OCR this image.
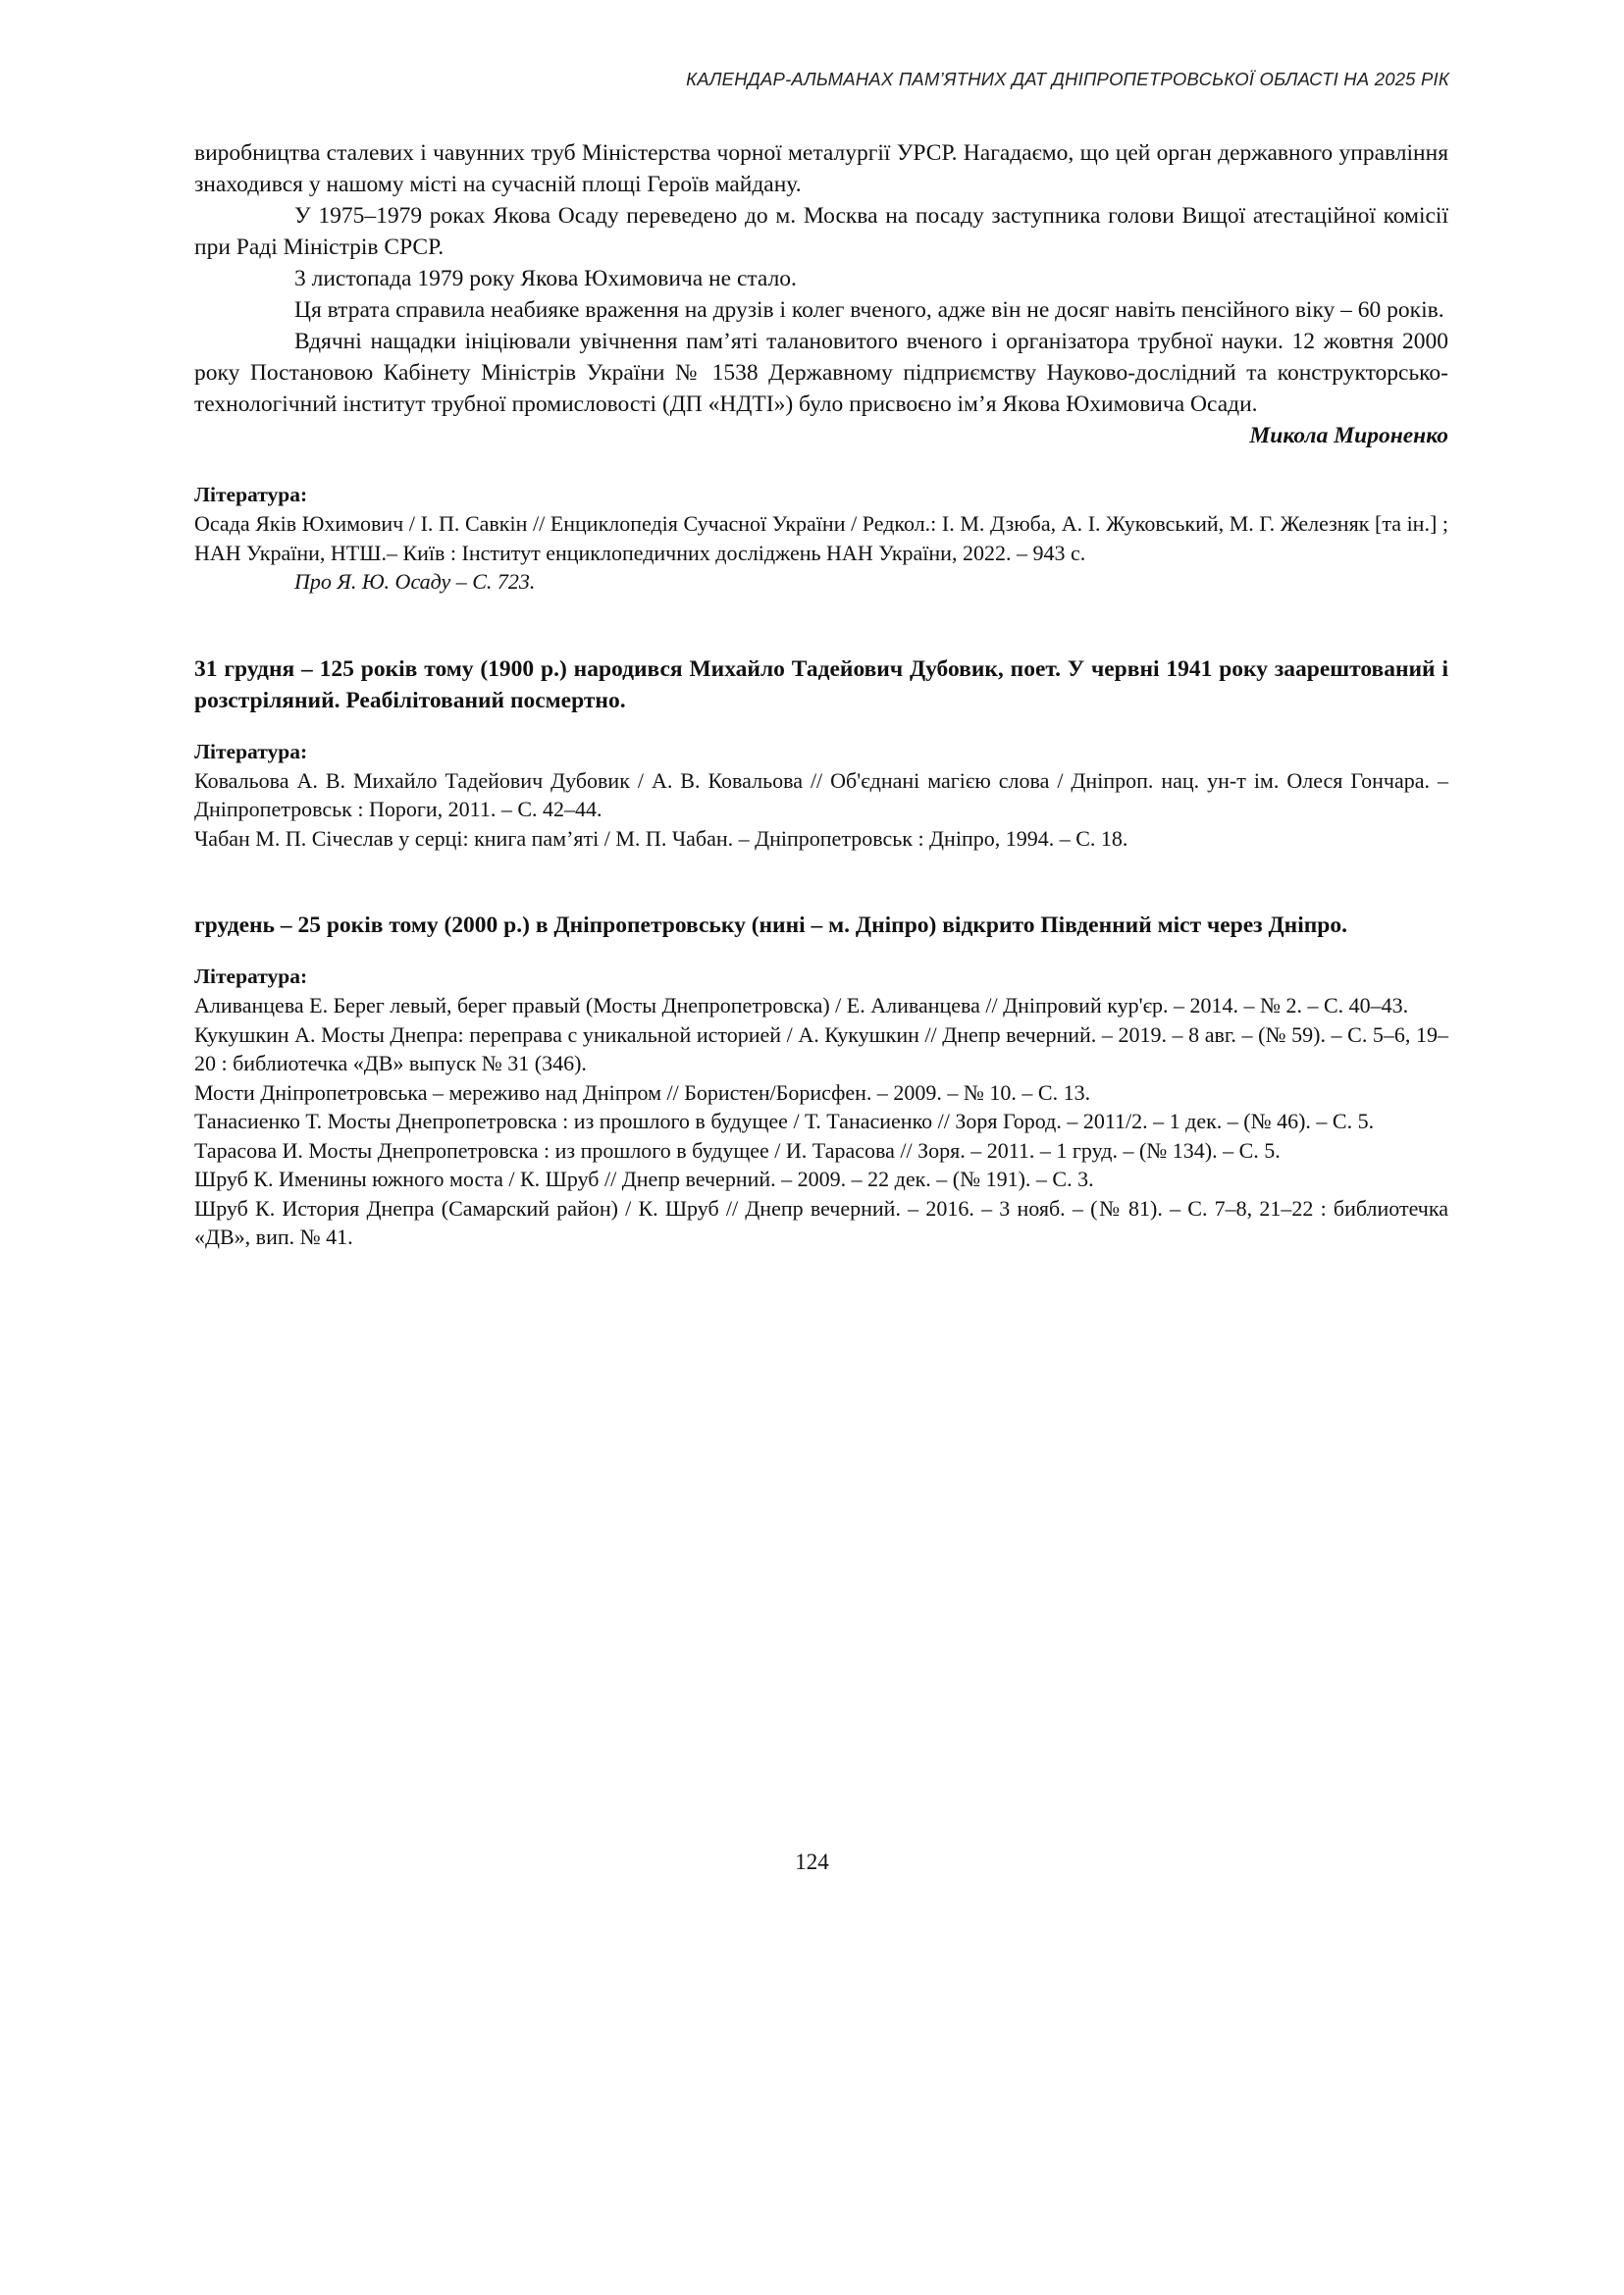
КАЛЕНДАР-АЛЬМАНАХ ПАМ’ЯТНИХ ДАТ ДНІПРОПЕТРОВСЬКОЇ ОБЛАСТІ НА 2025 РІК

виробництва сталевих і чавунних труб Міністерства чорної металургії УРСР. Нагадаємо, що цей орган державного управління знаходився у нашому місті на сучасній площі Героїв майдану.

У 1975–1979 роках Якова Осаду переведено до м. Москва на посаду заступника голови Вищої атестаційної комісії при Раді Міністрів СРСР.

3 листопада 1979 року Якова Юхимовича не стало.

Ця втрата справила неабияке враження на друзів і колег вченого, адже він не досяг навіть пенсійного віку – 60 років.

Вдячні нащадки ініціювали увічнення пам’яті талановитого вченого і організатора трубної науки. 12 жовтня 2000 року Постановою Кабінету Міністрів України № 1538 Державному підприємству Науково-дослідний та конструкторсько-технологічний інститут трубної промисловості (ДП «НДТІ») було присвоєно ім’я Якова Юхимовича Осади.

Микола Мироненко

Література:

Осада Яків Юхимович / І. П. Савкін // Енциклопедія Сучасної України / Редкол.: І. М. Дзюба, А. І. Жуковський, М. Г. Железняк [та ін.] ; НАН України, НТШ.– Київ : Інститут енциклопедичних досліджень НАН України, 2022. – 943 с.

Про Я. Ю. Осаду – С. 723.

31 грудня – 125 років тому (1900 р.) народився Михайло Тадейович Дубовик, поет. У червні 1941 року заарештований і розстріляний. Реабілітований посмертно.

Література:

Ковальова А. В. Михайло Тадейович Дубовик / А. В. Ковальова // Об'єднані магією слова / Дніпроп. нац. ун-т ім. Олеся Гончара. – Дніпропетровськ : Пороги, 2011. – С. 42–44.

Чабан М. П. Січеслав у серці: книга пам’яті / М. П. Чабан. – Дніпропетровськ : Дніпро, 1994. – С. 18.

грудень – 25 років тому (2000 р.) в Дніпропетровську (нині – м. Дніпро) відкрито Південний міст через Дніпро.

Література:

Аливанцева Е. Берег левый, берег правый (Мосты Днепропетровска) / Е. Аливанцева // Дніпровий кур'єр. – 2014. – № 2. – С. 40–43.

Кукушкин А. Мосты Днепра: переправа с уникальной историей / А. Кукушкин // Днепр вечерний. – 2019. – 8 авг. – (№ 59). – С. 5–6, 19–20 : библиотечка «ДВ» выпуск № 31 (346).

Мости Дніпропетровська – мереживо над Дніпром // Бористен/Борисфен. – 2009. – № 10. – С. 13.

Танасиенко Т. Мосты Днепропетровска : из прошлого в будущее / Т. Танасиенко // Зоря Город. – 2011/2. – 1 дек. – (№ 46). – С. 5.

Тарасова И. Мосты Днепропетровска : из прошлого в будущее / И. Тарасова // Зоря. – 2011. – 1 груд. – (№ 134). – С. 5.

Шруб К. Именины южного моста / К. Шруб // Днепр вечерний. – 2009. – 22 дек. – (№ 191). – С. 3.

Шруб К. История Днепра (Самарский район) / К. Шруб // Днепр вечерний. – 2016. – 3 нояб. – (№ 81). – С. 7–8, 21–22 : библиотечка «ДВ», вип. № 41.

124
